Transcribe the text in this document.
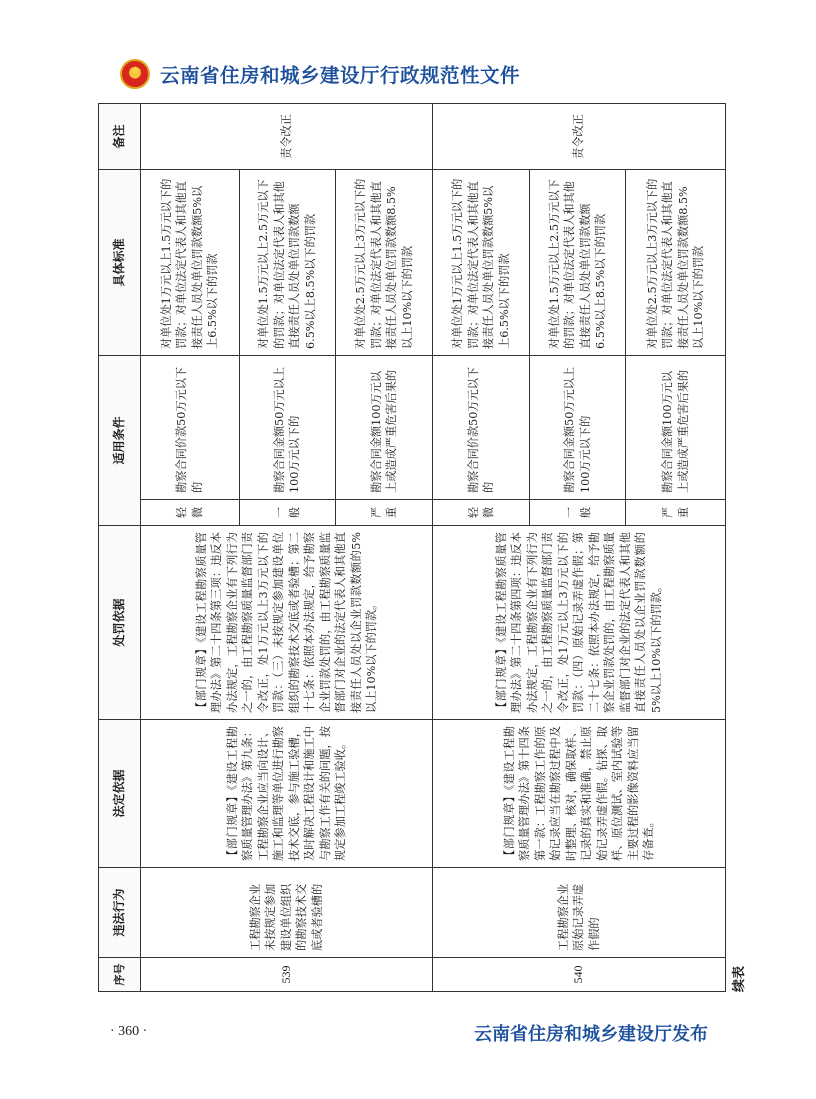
★
云南省住房和城乡建设厅行政规范性文件
序号	违法行为	法定依据	处罚依据	适用条件		具体标准	备注
539	工程勘察企业未按规定参加建设单位组织的勘察技术交底或者验槽的	【部门规章】《建设工程勘察质量管理办法》第九条：工程勘察企业应当向设计、施工和监理等单位进行勘察技术交底，参与施工验槽，及时解决工程设计和施工中与勘察工作有关的问题，按规定参加工程竣工验收。	【部门规章】《建设工程勘察质量管理办法》第二十四条第三项：违反本办法规定，工程勘察企业有下列行为之一的，由工程勘察质量监督部门责令改正，处1万元以上3万元以下的罚款：（三）未按规定参加建设单位组织的勘察技术交底或者验槽；第二十七条：依照本办法规定，给予勘察企业罚款处罚的，由工程勘察质量监督部门对企业的法定代表人和其他直接责任人员处以企业罚款数额的5%以上10%以下的罚款。	轻微	勘察合同价款50万元以下的	对单位处1万元以上1.5万元以下的罚款；对单位法定代表人和其他直接责任人员处单位罚款数额5%以上6.5%以下的罚款	责令改正
				一般	勘察合同金额50万元以上100万元以下的	对单位处1.5万元以上2.5万元以下的罚款；对单位法定代表人和其他直接责任人员处单位罚款数额6.5%以上8.5%以下的罚款	
				严重	勘察合同金额100万元以上或造成严重危害后果的	对单位处2.5万元以上3万元以下的罚款；对单位法定代表人和其他直接责任人员处单位罚款数额8.5%以上10%以下的罚款	
540	工程勘察企业原始记录弄虚作假的	【部门规章】《建设工程勘察质量管理办法》第十四条第一款：工程勘察工作的原始记录应当在勘察过程中及时整理、核对，确保取样、记录的真实和准确，禁止原始记录弄虚作假。钻探、取样、原位测试、室内试验等主要过程的影像资料应当留存备查。	【部门规章】《建设工程勘察质量管理办法》第二十四条第四项：违反本办法规定，工程勘察企业有下列行为之一的，由工程勘察质量监督部门责令改正，处1万元以上3万元以下的罚款：（四）原始记录弄虚作假；第二十七条：依照本办法规定，给予勘察企业罚款处罚的，由工程勘察质量监督部门对企业的法定代表人和其他直接责任人员处以企业罚款数额的5%以上10%以下的罚款。	轻微	勘察合同价款50万元以下的	对单位处1万元以上1.5万元以下的罚款；对单位法定代表人和其他直接责任人员处单位罚款数额5%以上6.5%以下的罚款	责令改正
				一般	勘察合同金额50万元以上100万元以下的	对单位处1.5万元以上2.5万元以下的罚款；对单位法定代表人和其他直接责任人员处单位罚款数额6.5%以上8.5%以下的罚款	
				严重	勘察合同金额100万元以上或造成严重危害后果的	对单位处2.5万元以上3万元以下的罚款；对单位法定代表人和其他直接责任人员处单位罚款数额8.5%以上10%以下的罚款	
续表
· 360 ·	云南省住房和城乡建设厅发布
